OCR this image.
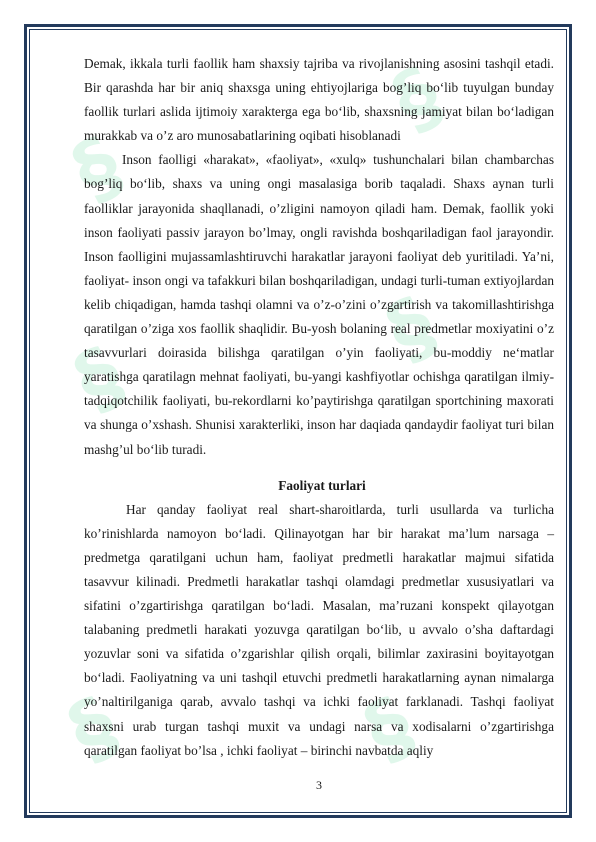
§
§
§
§
§	§

Demak, ikkala turli faollik ham shaxsiy tajriba va rivojlanishning asosini tashqil etadi. Bir qarashda har bir aniq shaxsga uning ehtiyojlariga bog’liq bo‘lib tuyulgan bunday faollik turlari aslida ijtimoiy xarakterga ega bo‘lib, shaxsning jamiyat bilan bo‘ladigan murakkab va o’z aro munosabatlarining oqibati hisoblanadi

Inson faolligi «harakat», «faoliyat», «xulq» tushunchalari bilan chambarchas bog’liq bo‘lib, shaxs va uning ongi masalasiga borib taqaladi. Shaxs aynan turli faolliklar jarayonida shaqllanadi, o’zligini namoyon qiladi ham. Demak, faollik yoki inson faoliyati passiv jarayon bo’lmay, ongli ravishda boshqariladigan faol jarayondir. Inson faolligini mujassamlashtiruvchi harakatlar jarayoni faoliyat deb yuritiladi. Ya’ni, faoliyat- inson ongi va tafakkuri bilan boshqariladigan, undagi turli-tuman extiyojlardan kelib chiqadigan, hamda tashqi olamni va o’z-o’zini o’zgartirish va takomillashtirishga qaratilgan o’ziga xos faollik shaqlidir. Bu-yosh bolaning real predmetlar moxiyatini o’z tasavvurlari doirasida bilishga qaratilgan o’yin faoliyati, bu-moddiy ne‘matlar yaratishga qaratilagn mehnat faoliyati, bu-yangi kashfiyotlar ochishga qaratilgan ilmiy-tadqiqotchilik faoliyati, bu-rekordlarni ko’paytirishga qaratilgan sportchining maxorati va shunga o’xshash. Shunisi xarakterliki, inson har daqiada qandaydir faoliyat turi bilan mashg’ul bo‘lib turadi.

Faoliyat turlari

Har qanday faoliyat real shart-sharoitlarda, turli usullarda va turlicha ko’rinishlarda namoyon bo‘ladi. Qilinayotgan har bir harakat ma’lum narsaga – predmetga qaratilgani uchun ham, faoliyat predmetli harakatlar majmui sifatida tasavvur kilinadi. Predmetli harakatlar tashqi olamdagi predmetlar xususiyatlari va sifatini o’zgartirishga qaratilgan bo‘ladi. Masalan, ma’ruzani konspekt qilayotgan talabaning predmetli harakati yozuvga qaratilgan bo‘lib, u avvalo o’sha daftardagi yozuvlar soni va sifatida o’zgarishlar qilish orqali, bilimlar zaxirasini boyitayotgan bo‘ladi. Faoliyatning va uni tashqil etuvchi predmetli harakatlarning aynan nimalarga yo’naltirilganiga qarab, avvalo tashqi va ichki faoliyat farklanadi. Tashqi faoliyat shaxsni urab turgan tashqi muxit va undagi narsa va xodisalarni o’zgartirishga qaratilgan faoliyat bo’lsa , ichki faoliyat – birinchi navbatda aqliy

3
